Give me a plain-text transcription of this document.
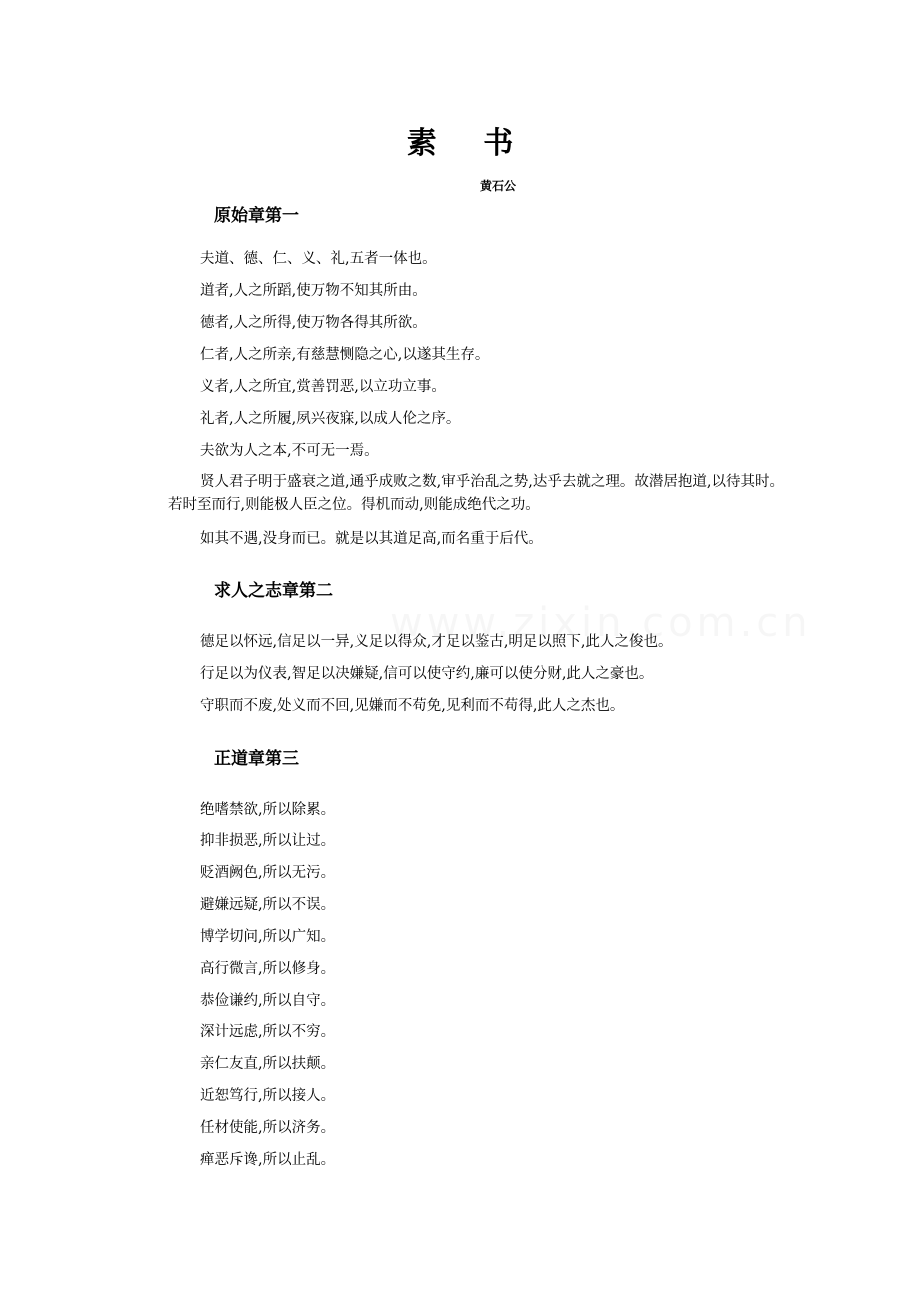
素 书
黄石公
原始章第一
夫道、德、仁、义、礼,五者一体也。
道者,人之所蹈,使万物不知其所由。
德者,人之所得,使万物各得其所欲。
仁者,人之所亲,有慈慧恻隐之心,以遂其生存。
义者,人之所宜,赏善罚恶,以立功立事。
礼者,人之所履,夙兴夜寐,以成人伦之序。
夫欲为人之本,不可无一焉。
贤人君子明于盛衰之道,通乎成败之数,审乎治乱之势,达乎去就之理。故潜居抱道,以待其时。若时至而行,则能极人臣之位。得机而动,则能成绝代之功。
如其不遇,没身而已。就是以其道足高,而名重于后代。
求人之志章第二
德足以怀远,信足以一异,义足以得众,才足以鉴古,明足以照下,此人之俊也。
行足以为仪表,智足以决嫌疑,信可以使守约,廉可以使分财,此人之豪也。
守职而不废,处义而不回,见嫌而不苟免,见利而不苟得,此人之杰也。
正道章第三
绝嗜禁欲,所以除累。
抑非损恶,所以让过。
贬酒阙色,所以无污。
避嫌远疑,所以不误。
博学切问,所以广知。
高行微言,所以修身。
恭俭谦约,所以自守。
深计远虑,所以不穷。
亲仁友直,所以扶颠。
近恕笃行,所以接人。
任材使能,所以济务。
瘅恶斥谗,所以止乱。
